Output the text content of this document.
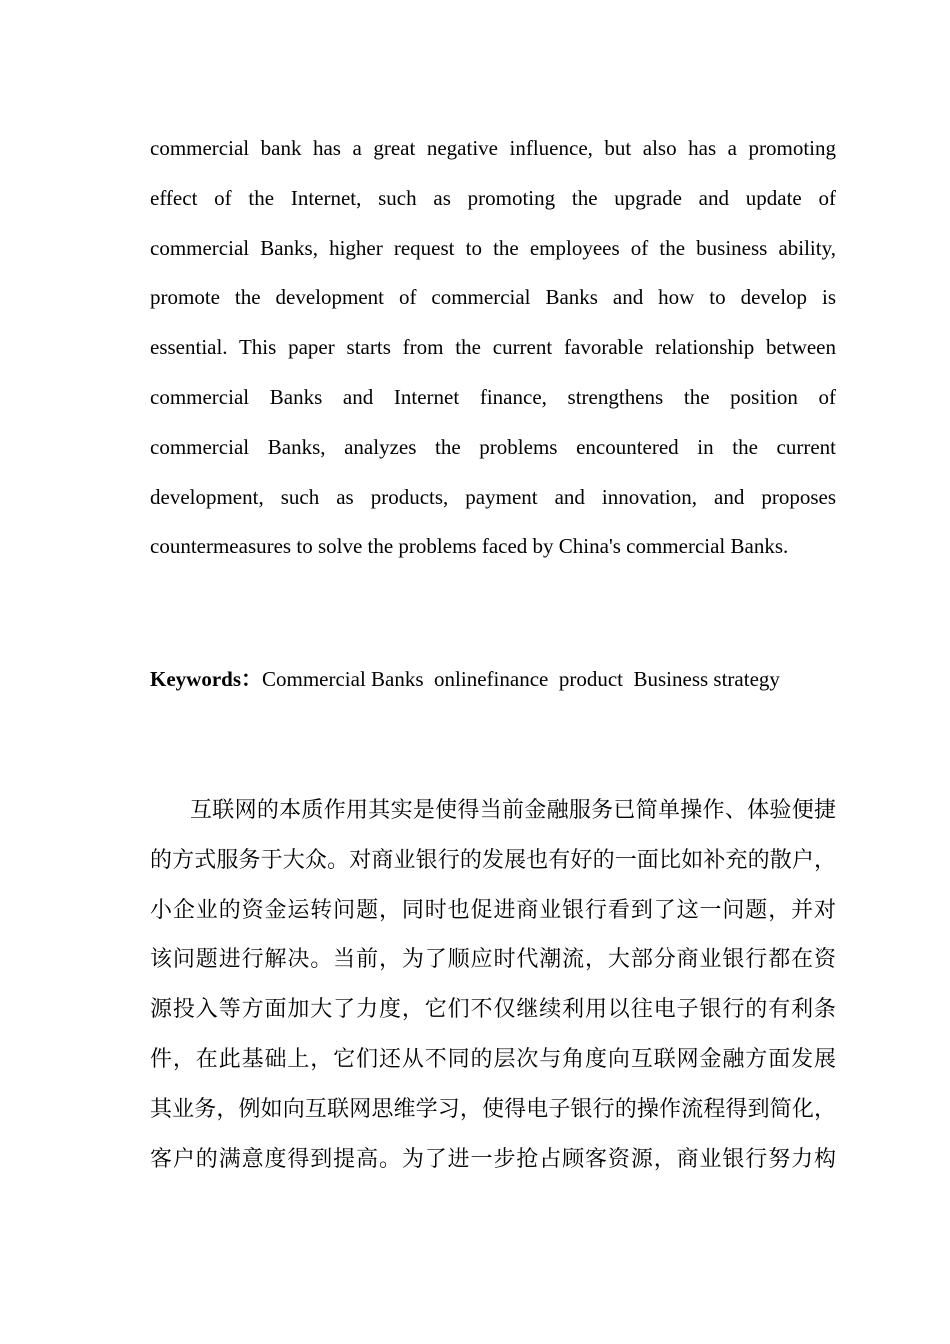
commercial bank has a great negative influence, but also has a promoting
effect of the Internet, such as promoting the upgrade and update of
commercial Banks, higher request to the employees of the business ability,
promote the development of commercial Banks and how to develop is
essential. This paper starts from the current favorable relationship between
commercial Banks and Internet finance, strengthens the position of
commercial Banks, analyzes the problems encountered in the current
development, such as products, payment and innovation, and proposes
countermeasures to solve the problems faced by China's commercial Banks.

Keywords：Commercial Banks  onlinefinance  product  Business strategy

互联网的本质作用其实是使得当前金融服务已简单操作、体验便捷
的方式服务于大众。对商业银行的发展也有好的一面比如补充的散户，
小企业的资金运转问题，同时也促进商业银行看到了这一问题，并对
该问题进行解决。当前，为了顺应时代潮流，大部分商业银行都在资
源投入等方面加大了力度，它们不仅继续利用以往电子银行的有利条
件，在此基础上，它们还从不同的层次与角度向互联网金融方面发展
其业务，例如向互联网思维学习，使得电子银行的操作流程得到简化，
客户的满意度得到提高。为了进一步抢占顾客资源，商业银行努力构
